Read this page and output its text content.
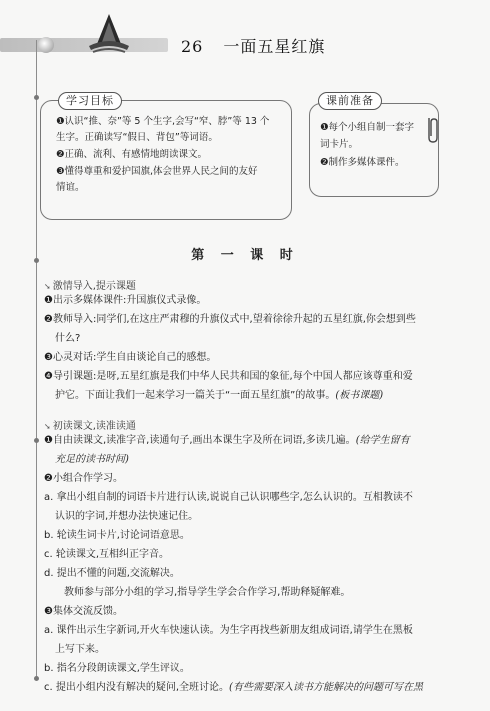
26 一面五星红旗
学习目标
❶认识“推、奈”等 5 个生字,会写“窄、脖”等 13 个
生字。正确读写“假日、背包”等词语。
❷正确、流利、有感情地朗读课文。
❸懂得尊重和爱护国旗,体会世界人民之间的友好
情谊。
课前准备
❶每个小组自制一套字
词卡片。
❷制作多媒体课件。
第 一 课 时
➘ 激情导入,提示课题
❶出示多媒体课件:升国旗仪式录像。
❷教师导入:同学们,在这庄严肃穆的升旗仪式中,望着徐徐升起的五星红旗,你会想到些
什么?
❸心灵对话:学生自由谈论自己的感想。
❹导引课题:是呀,五星红旗是我们中华人民共和国的象征,每个中国人都应该尊重和爱
护它。下面让我们一起来学习一篇关于“一面五星红旗”的故事。(板书课题)
➘ 初读课文,读准读通
❶自由读课文,读准字音,读通句子,画出本课生字及所在词语,多读几遍。(给学生留有
充足的读书时间)
❷小组合作学习。
a. 拿出小组自制的词语卡片进行认读,说说自己认识哪些字,怎么认识的。互相教读不
认识的字词,并想办法快速记住。
b. 轮读生词卡片,讨论词语意思。
c. 轮读课文,互相纠正字音。
d. 提出不懂的问题,交流解决。
教师参与部分小组的学习,指导学生学会合作学习,帮助释疑解难。
❸集体交流反馈。
a. 课件出示生字新词,开火车快速认读。为生字再找些新朋友组成词语,请学生在黑板
上写下来。
b. 指名分段朗读课文,学生评议。
c. 提出小组内没有解决的疑问,全班讨论。(有些需要深入读书方能解决的问题可写在黑
